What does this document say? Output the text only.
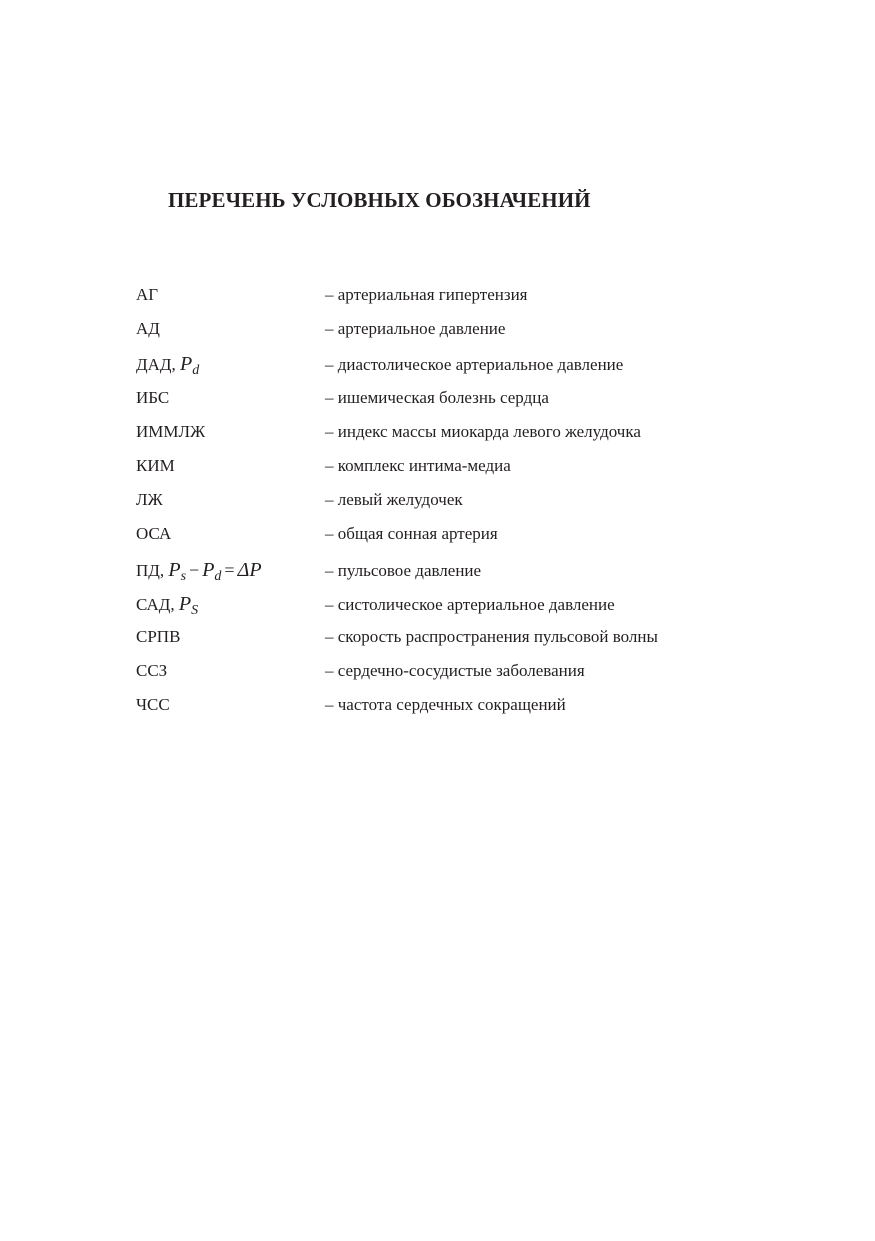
ПЕРЕЧЕНЬ УСЛОВНЫХ ОБОЗНАЧЕНИЙ
АГ	– артериальная гипертензия
АД	– артериальное давление
ДАД, $P_d$	– диастолическое артериальное давление
ИБС	– ишемическая болезнь сердца
ИММЛЖ	– индекс массы миокарда левого желудочка
КИМ	– комплекс интима-медиа
ЛЖ	– левый желудочек
ОСА	– общая сонная артерия
ПД, $P_s - P_d = \Delta P$	– пульсовое давление
САД, $P_S$	– систолическое артериальное давление
СРПВ	– скорость распространения пульсовой волны
ССЗ	– сердечно-сосудистые заболевания
ЧСС	– частота сердечных сокращений
